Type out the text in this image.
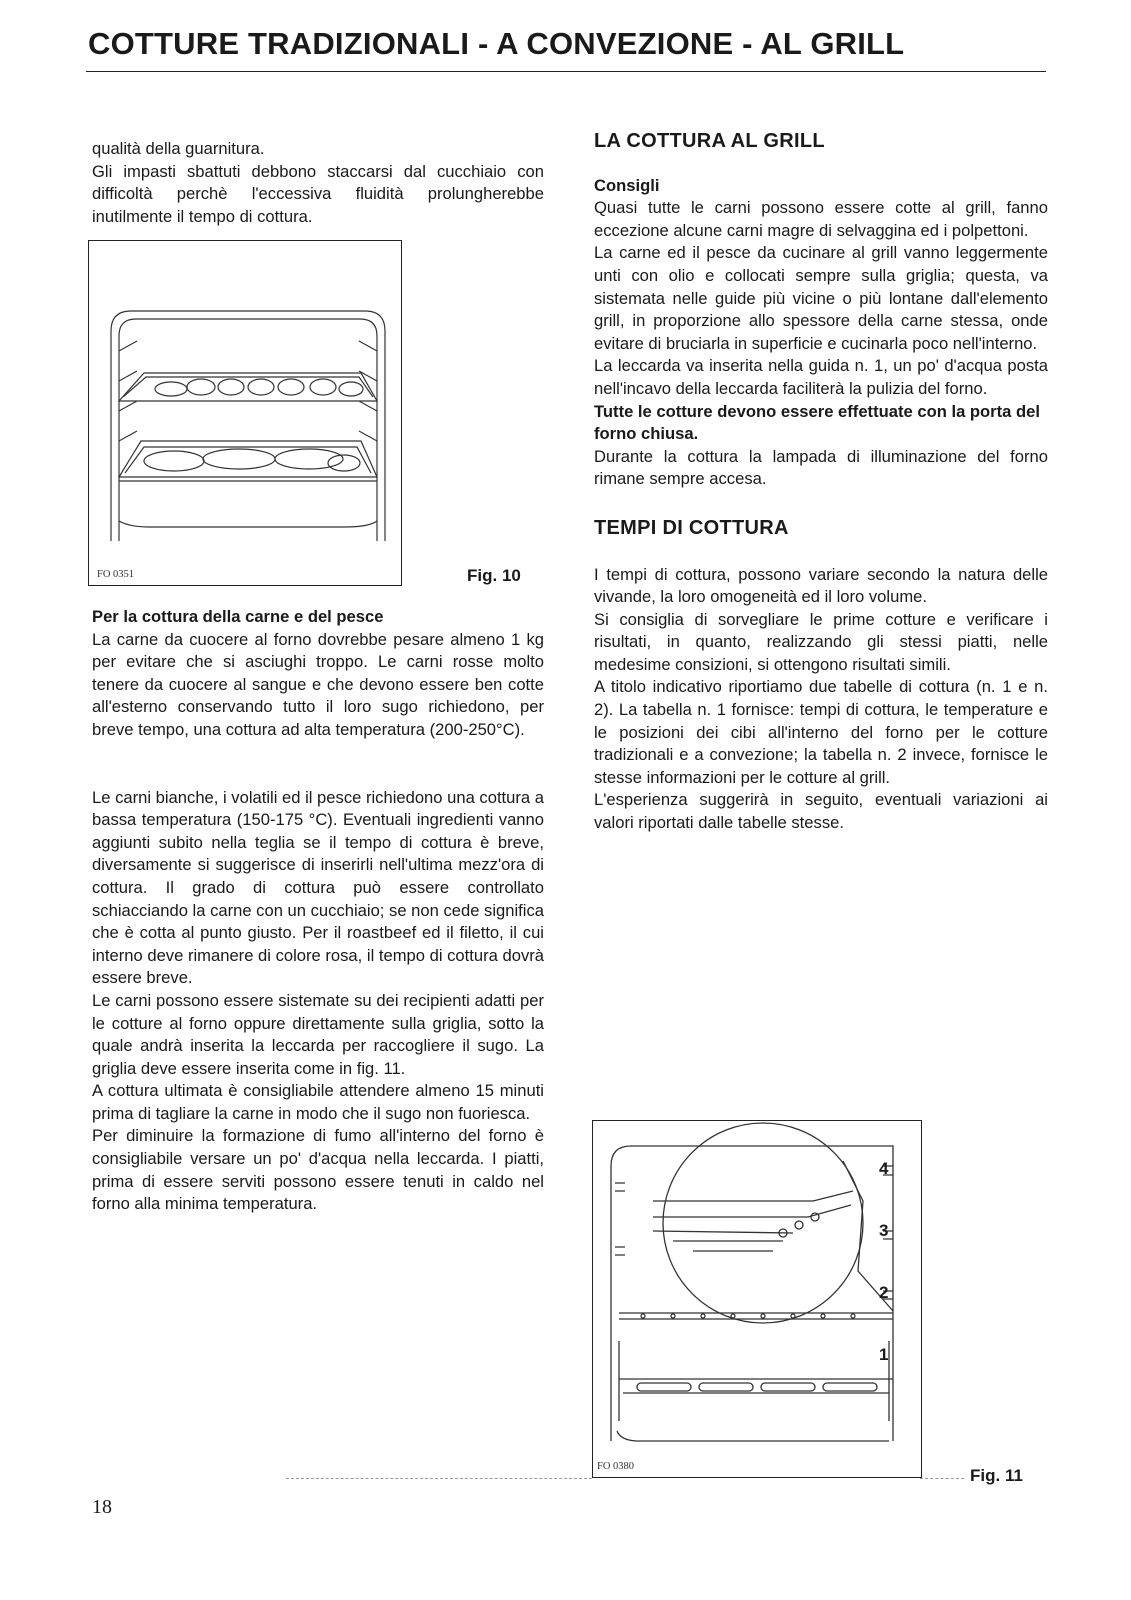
COTTURE TRADIZIONALI - A CONVEZIONE - AL GRILL

qualità della guarnitura.

Gli impasti sbattuti debbono staccarsi dal cucchiaio con difficoltà perchè l'eccessiva fluidità prolungherebbe inutilmente il tempo di cottura.

FO 0351	Fig. 10

Per la cottura della carne e del pesce

La carne da cuocere al forno dovrebbe pesare almeno 1 kg per evitare che si asciughi troppo. Le carni rosse molto tenere da cuocere al sangue e che devono essere ben cotte all'esterno conservando tutto il loro sugo richiedono, per breve tempo, una cottura ad alta temperatura (200-250°C).

Le carni bianche, i volatili ed il pesce richiedono una cottura a bassa temperatura (150-175 °C). Eventuali ingredienti vanno aggiunti subito nella teglia se il tempo di cottura è breve, diversamente si suggerisce di inserirli nell'ultima mezz'ora di cottura. Il grado di cottura può essere controllato schiacciando la carne con un cucchiaio; se non cede significa che è cotta al punto giusto. Per il roastbeef ed il filetto, il cui interno deve rimanere di colore rosa, il tempo di cottura dovrà essere breve.

Le carni possono essere sistemate su dei recipienti adatti per le cotture al forno oppure direttamente sulla griglia, sotto la quale andrà inserita la leccarda per raccogliere il sugo. La griglia deve essere inserita come in fig. 11.

A cottura ultimata è consigliabile attendere almeno 15 minuti prima di tagliare la carne in modo che il sugo non fuoriesca.

Per diminuire la formazione di fumo all'interno del forno è consigliabile versare un po' d'acqua nella leccarda. I piatti, prima di essere serviti possono essere tenuti in caldo nel forno alla minima temperatura.

LA COTTURA AL GRILL

Consigli

Quasi tutte le carni possono essere cotte al grill, fanno eccezione alcune carni magre di selvaggina ed i polpettoni.

La carne ed il pesce da cucinare al grill vanno leggermente unti con olio e collocati sempre sulla griglia; questa, va sistemata nelle guide più vicine o più lontane dall'elemento grill, in proporzione allo spessore della carne stessa, onde evitare di bruciarla in superficie e cucinarla poco nell'interno.

La leccarda va inserita nella guida n. 1, un po' d'acqua posta nell'incavo della leccarda faciliterà la pulizia del forno.

Tutte le cotture devono essere effettuate con la porta del forno chiusa.

Durante la cottura la lampada di illuminazione del forno rimane sempre accesa.

TEMPI DI COTTURA

I tempi di cottura, possono variare secondo la natura delle vivande, la loro omogeneità ed il loro volume.

Si consiglia di sorvegliare le prime cotture e verificare i risultati, in quanto, realizzando gli stessi piatti, nelle medesime consizioni, si ottengono risultati simili.

A titolo indicativo riportiamo due tabelle di cottura (n. 1 e n. 2). La tabella n. 1 fornisce: tempi di cottura, le temperature e le posizioni dei cibi all'interno del forno per le cotture tradizionali e a convezione; la tabella n. 2 invece, fornisce le stesse informazioni per le cotture al grill.

L'esperienza suggerirà in seguito, eventuali variazioni ai valori riportati dalle tabelle stesse.

4
3
2
1
FO 0380	Fig. 11
18
